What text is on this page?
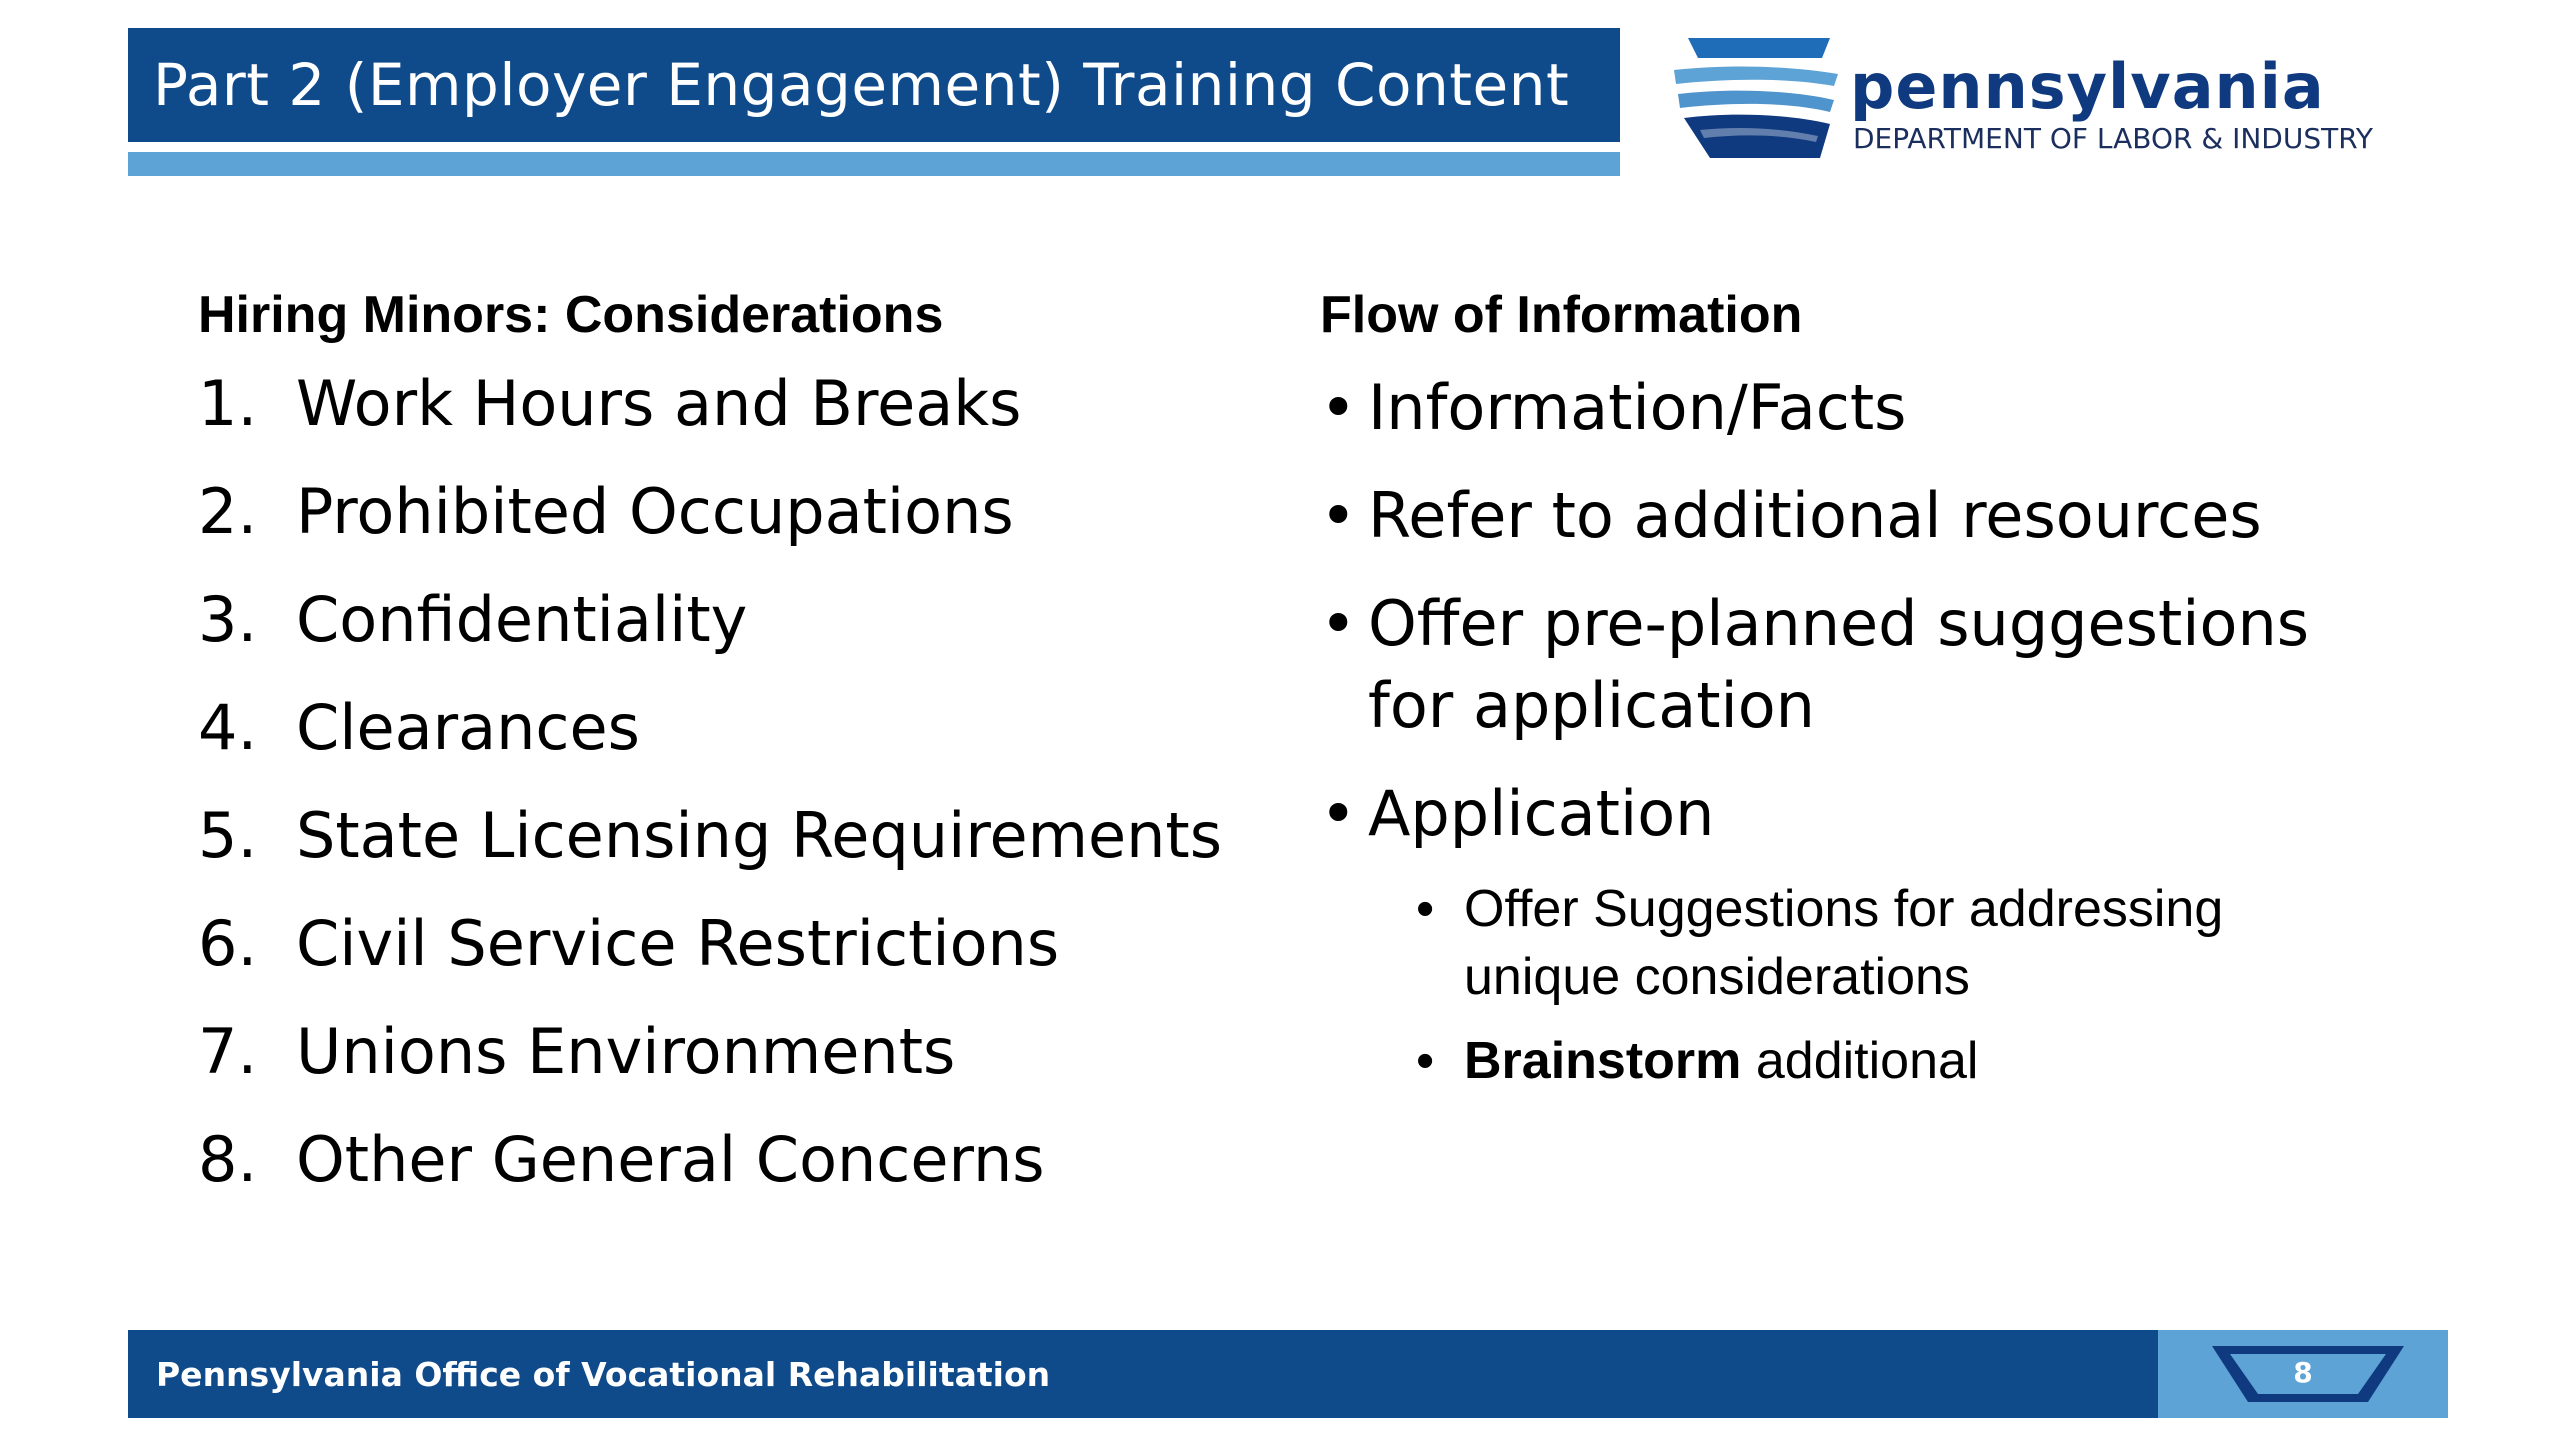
Part 2 (Employer Engagement) Training Content	pennsylvania
DEPARTMENT OF LABOR & INDUSTRY
Hiring Minors: Considerations
1. Work Hours and Breaks
2. Prohibited Occupations
3. Confidentiality
4. Clearances
5. State Licensing Requirements
6. Civil Service Restrictions
7. Unions Environments
8. Other General Concerns
Flow of Information
• Information/Facts
• Refer to additional resources
• Offer pre-planned suggestions for application
• Application
• Offer Suggestions for addressing unique considerations
• Brainstorm additional
Pennsylvania Office of Vocational Rehabilitation	8
